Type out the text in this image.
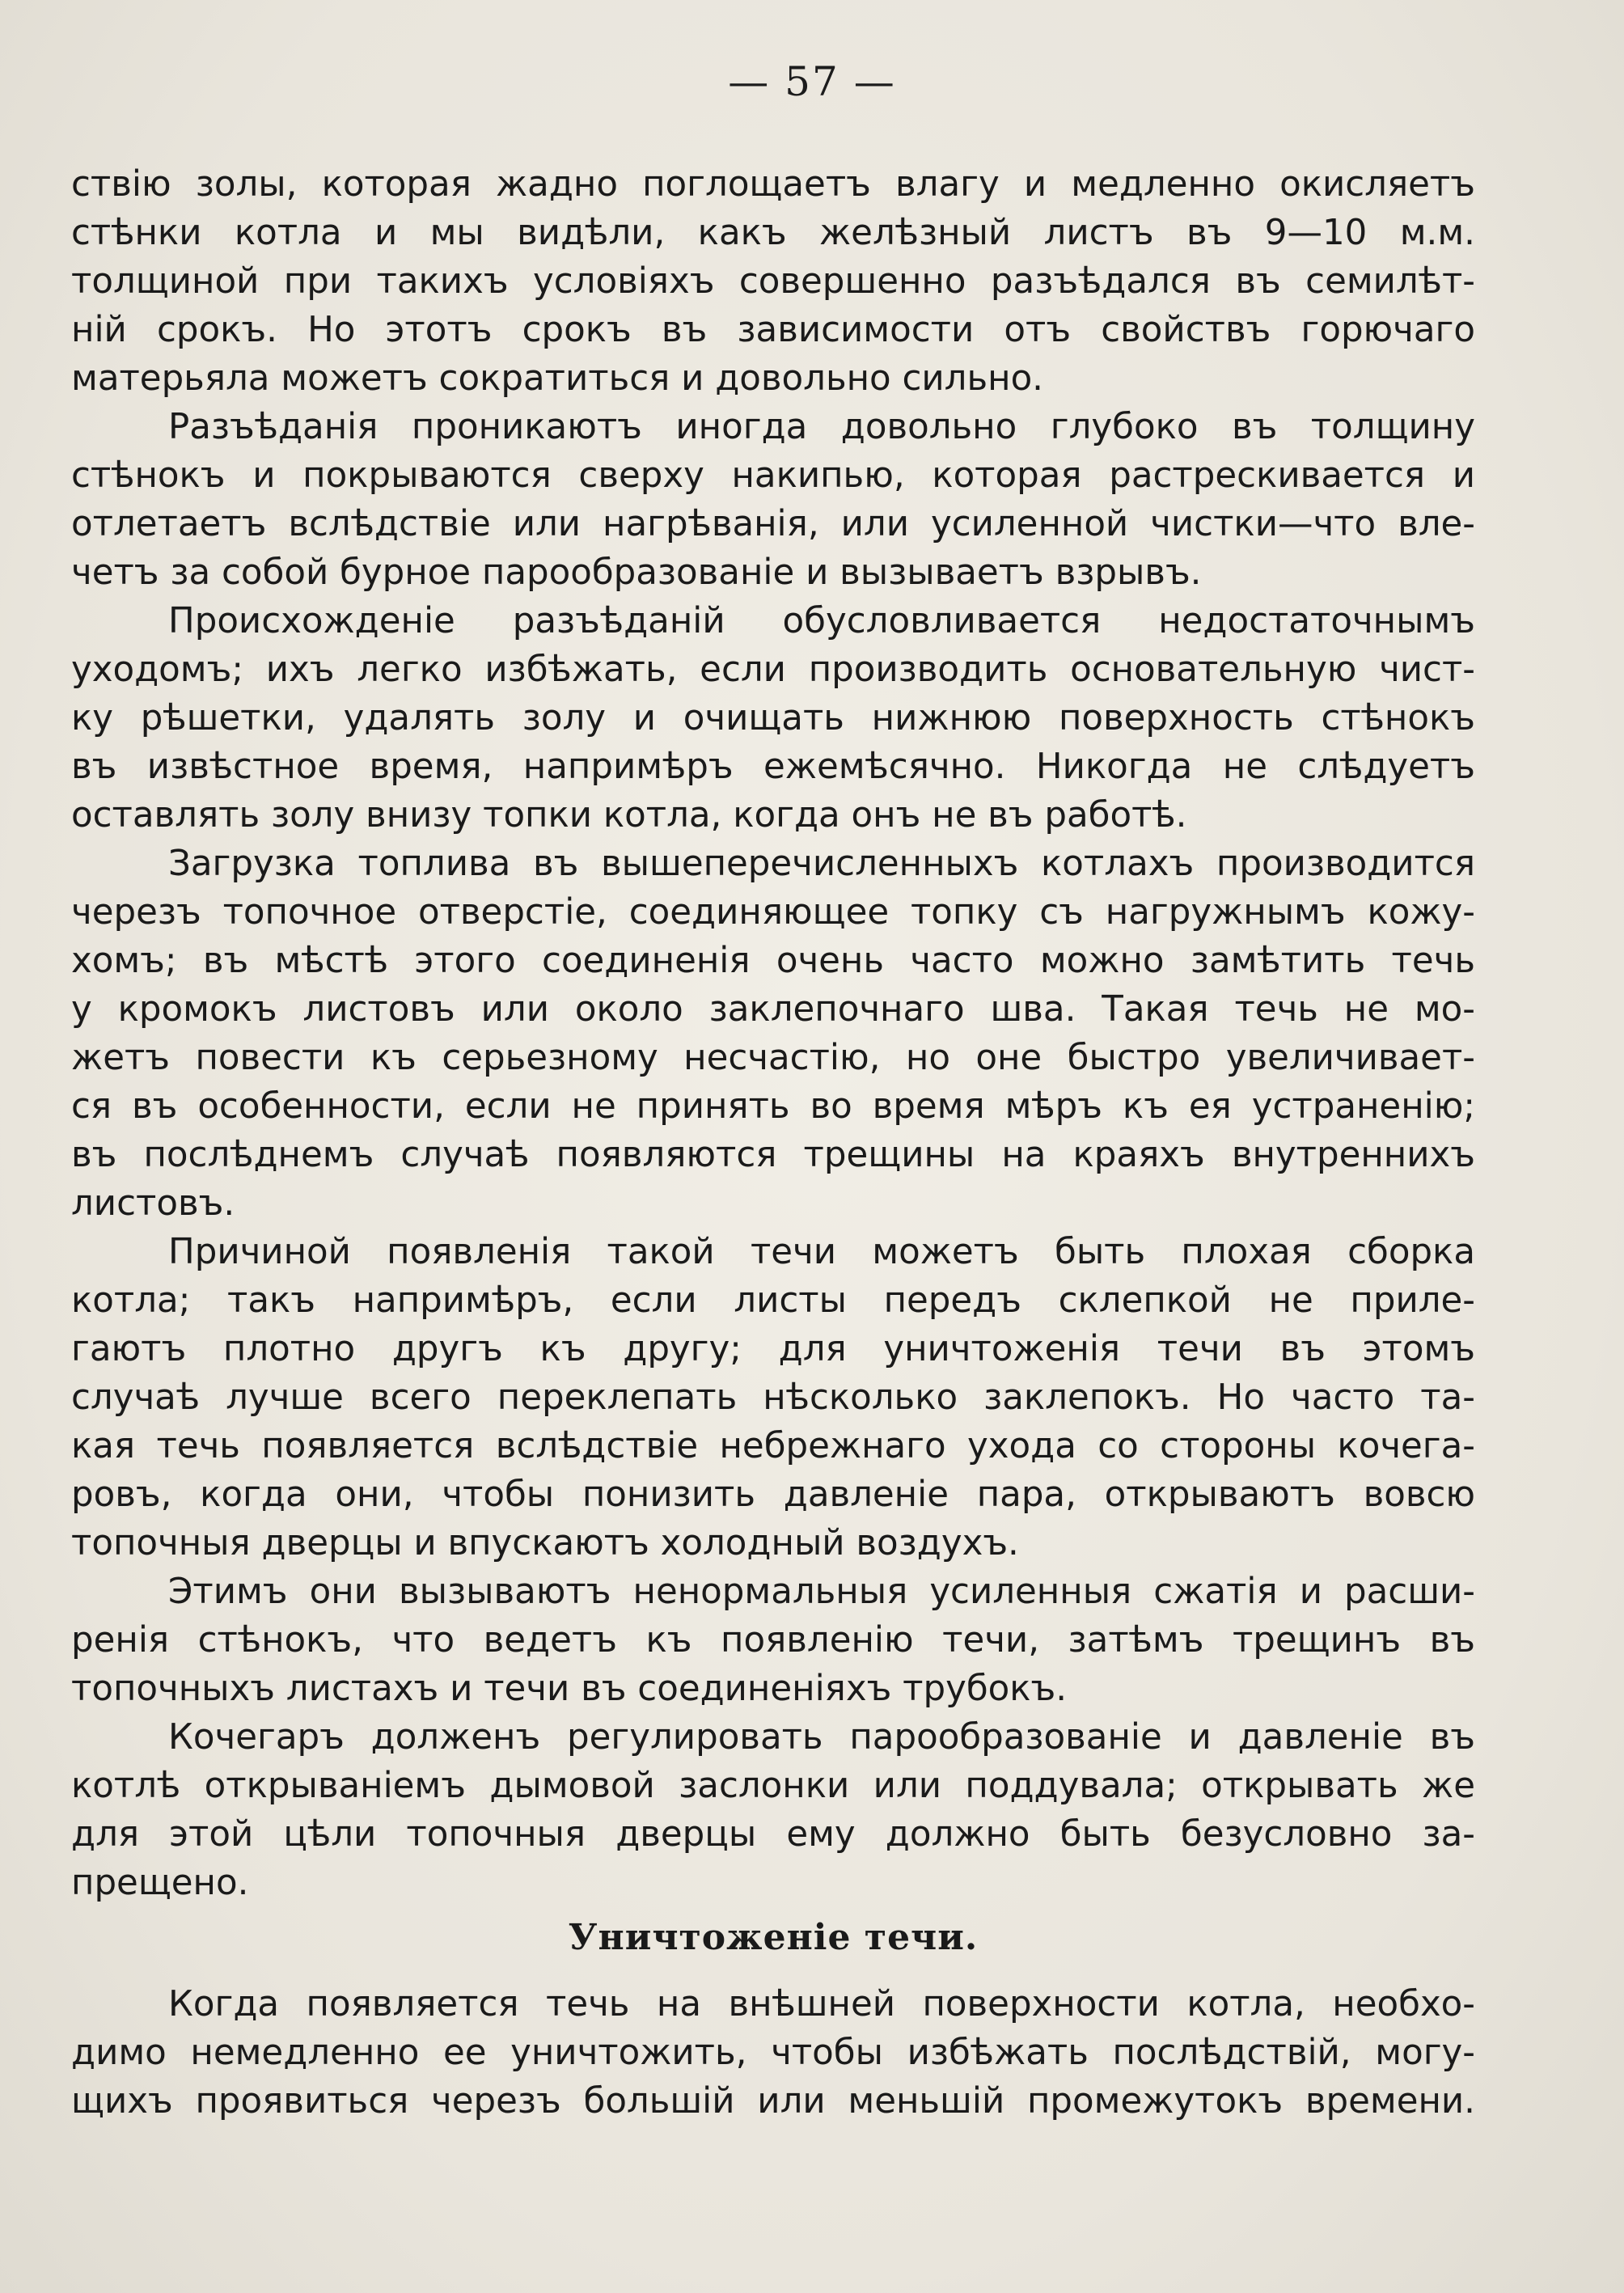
— 57 —
ствію золы, которая жадно поглощаетъ влагу и медленно окисляетъ
стѣнки котла и мы видѣли, какъ желѣзный листъ въ 9—10 м.м.
толщиной при такихъ условіяхъ совершенно разъѣдался въ семилѣт-
ній срокъ. Но этотъ срокъ въ зависимости отъ свойствъ горючаго
матерьяла можетъ сократиться и довольно сильно.
Разъѣданія проникаютъ иногда довольно глубоко въ толщину
стѣнокъ и покрываются сверху накипью, которая растрескивается и
отлетаетъ вслѣдствіе или нагрѣванія, или усиленной чистки—что вле-
четъ за собой бурное парообразованіе и вызываетъ взрывъ.
Происхожденіе разъѣданій обусловливается недостаточнымъ
уходомъ; ихъ легко избѣжать, если производить основательную чист-
ку рѣшетки, удалять золу и очищать нижнюю поверхность стѣнокъ
въ извѣстное время, напримѣръ ежемѣсячно. Никогда не слѣдуетъ
оставлять золу внизу топки котла, когда онъ не въ работѣ.
Загрузка топлива въ вышеперечисленныхъ котлахъ производится
черезъ топочное отверстіе, соединяющее топку съ нагружнымъ кожу-
хомъ; въ мѣстѣ этого соединенія очень часто можно замѣтить течь
у кромокъ листовъ или около заклепочнаго шва. Такая течь не мо-
жетъ повести къ серьезному несчастію, но оне быстро увеличивает-
ся въ особенности, если не принять во время мѣръ къ ея устраненію;
въ послѣднемъ случаѣ появляются трещины на краяхъ внутреннихъ
листовъ.
Причиной появленія такой течи можетъ быть плохая сборка
котла; такъ напримѣръ, если листы передъ склепкой не приле-
гаютъ плотно другъ къ другу; для уничтоженія течи въ этомъ
случаѣ лучше всего переклепать нѣсколько заклепокъ. Но часто та-
кая течь появляется вслѣдствіе небрежнаго ухода со стороны кочега-
ровъ, когда они, чтобы понизить давленіе пара, открываютъ вовсю
топочныя дверцы и впускаютъ холодный воздухъ.
Этимъ они вызываютъ ненормальныя усиленныя сжатія и расши-
ренія стѣнокъ, что ведетъ къ появленію течи, затѣмъ трещинъ въ
топочныхъ листахъ и течи въ соединеніяхъ трубокъ.
Кочегаръ долженъ регулировать парообразованіе и давленіе въ
котлѣ открываніемъ дымовой заслонки или поддувала; открывать же
для этой цѣли топочныя дверцы ему должно быть безусловно за-
прещено.
Уничтоженіе течи.
Когда появляется течь на внѣшней поверхности котла, необхо-
димо немедленно ее уничтожить, чтобы избѣжать послѣдствій, могу-
щихъ проявиться черезъ большій или меньшій промежутокъ времени.
